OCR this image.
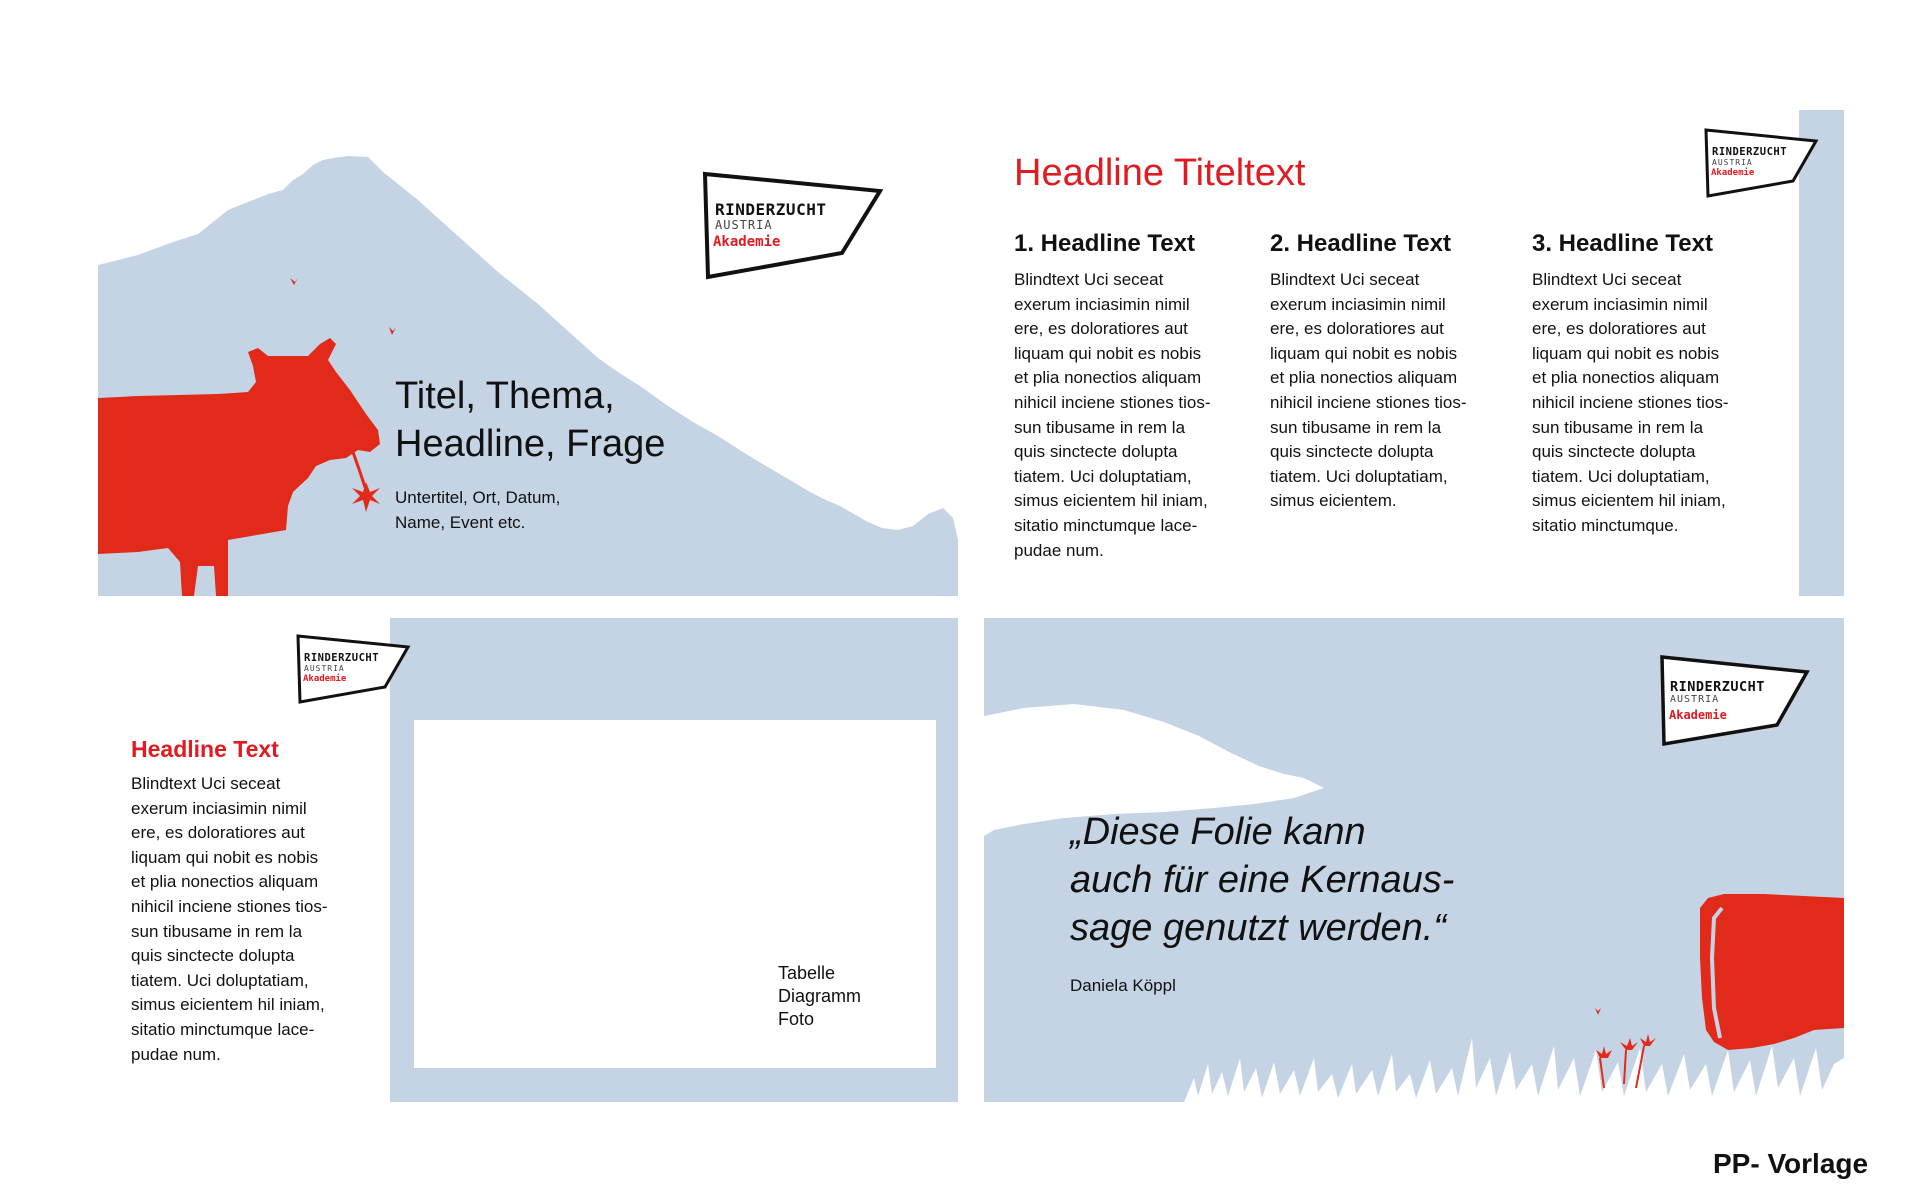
RINDERZUCHT
AUSTRIA
Akademie
Titel, Thema,
Headline, Frage
Untertitel, Ort, Datum,
Name, Event etc.
RINDERZUCHT
AUSTRIA
Akademie
Headline Titeltext
1. Headline Text
Blindtext Uci seceat
exerum inciasimin nimil
ere, es doloratiores aut
liquam qui nobit es nobis
et plia nonectios aliquam
nihicil inciene stiones tios-
sun tibusame in rem la
quis sinctecte dolupta
tiatem. Uci doluptatiam,
simus eicientem hil iniam,
sitatio minctumque lace-
pudae num.
2. Headline Text
Blindtext Uci seceat
exerum inciasimin nimil
ere, es doloratiores aut
liquam qui nobit es nobis
et plia nonectios aliquam
nihicil inciene stiones tios-
sun tibusame in rem la
quis sinctecte dolupta
tiatem. Uci doluptatiam,
simus eicientem.
3. Headline Text
Blindtext Uci seceat
exerum inciasimin nimil
ere, es doloratiores aut
liquam qui nobit es nobis
et plia nonectios aliquam
nihicil inciene stiones tios-
sun tibusame in rem la
quis sinctecte dolupta
tiatem. Uci doluptatiam,
simus eicientem hil iniam,
sitatio minctumque.
Tabelle
Diagramm
Foto
RINDERZUCHT
AUSTRIA
Akademie
Headline Text
Blindtext Uci seceat
exerum inciasimin nimil
ere, es doloratiores aut
liquam qui nobit es nobis
et plia nonectios aliquam
nihicil inciene stiones tios-
sun tibusame in rem la
quis sinctecte dolupta
tiatem. Uci doluptatiam,
simus eicientem hil iniam,
sitatio minctumque lace-
pudae num.
RINDERZUCHT
AUSTRIA
Akademie
„Diese Folie kann
auch für eine Kernaus-
sage genutzt werden.“
Daniela Köppl
PP- Vorlage
